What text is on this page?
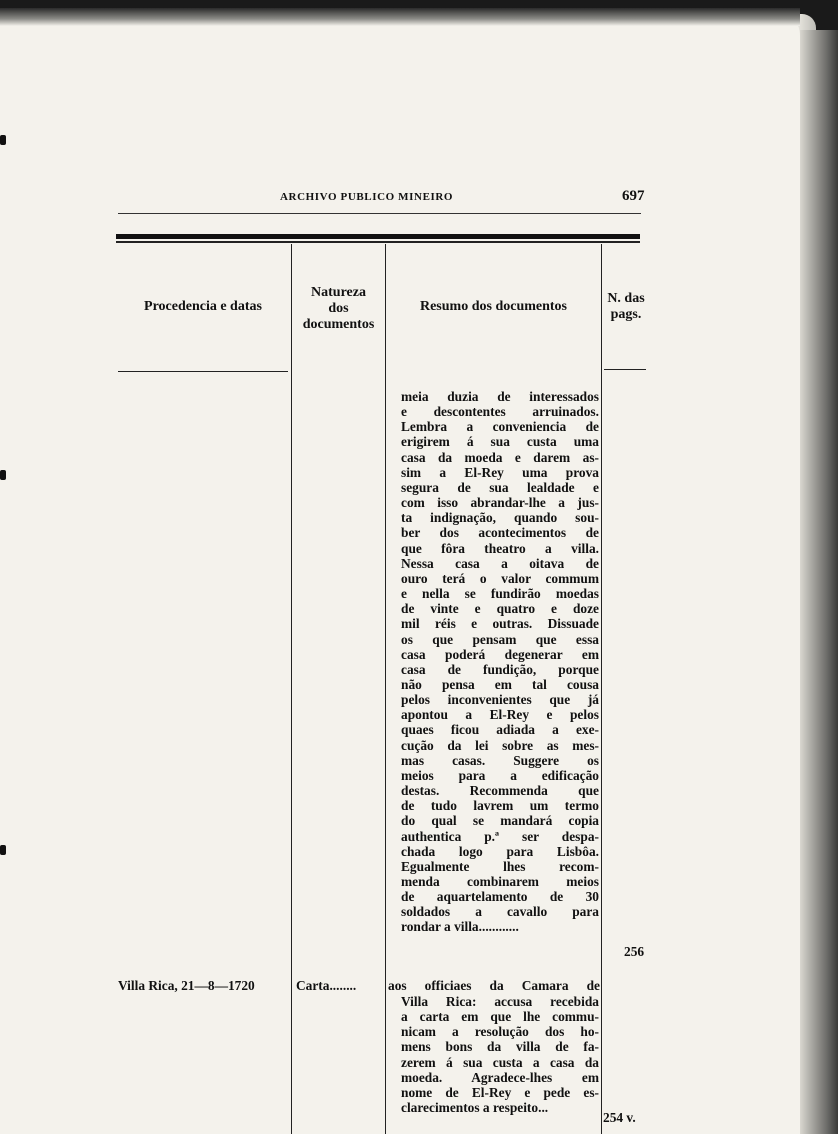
ARCHIVO PUBLICO MINEIRO	697
Procedencia e datas
Natureza
dos
documentos
Resumo dos documentos
N. das
pags.
meia duzia de interessados
e descontentes arruinados.
Lembra a conveniencia de
erigirem á sua custa uma
casa da moeda e darem as-
sim a El-Rey uma prova
segura de sua lealdade e
com isso abrandar-lhe a jus-
ta indignação, quando sou-
ber dos acontecimentos de
que fôra theatro a villa.
Nessa casa a oitava de
ouro terá o valor commum
e nella se fundirão moedas
de vinte e quatro e doze
mil réis e outras. Dissuade
os que pensam que essa
casa poderá degenerar em
casa de fundição, porque
não pensa em tal cousa
pelos inconvenientes que já
apontou a El-Rey e pelos
quaes ficou adiada a exe-
cução da lei sobre as mes-
mas casas. Suggere os
meios para a edificação
destas. Recommenda que
de tudo lavrem um termo
do qual se mandará copia
authentica p.ª ser despa-
chada logo para Lisbôa.
Egualmente lhes recom-
menda combinarem meios
de aquartelamento de 30
soldados a cavallo para
rondar a villa............
256
Villa Rica, 21—8—1720	Carta........ aos officiaes da Camara de
Villa Rica: accusa recebida
a carta em que lhe commu-
nicam a resolução dos ho-
mens bons da villa de fa-
zerem á sua custa a casa da
moeda. Agradece-lhes em
nome de El-Rey e pede es-
clarecimentos a respeito...
254 v.
